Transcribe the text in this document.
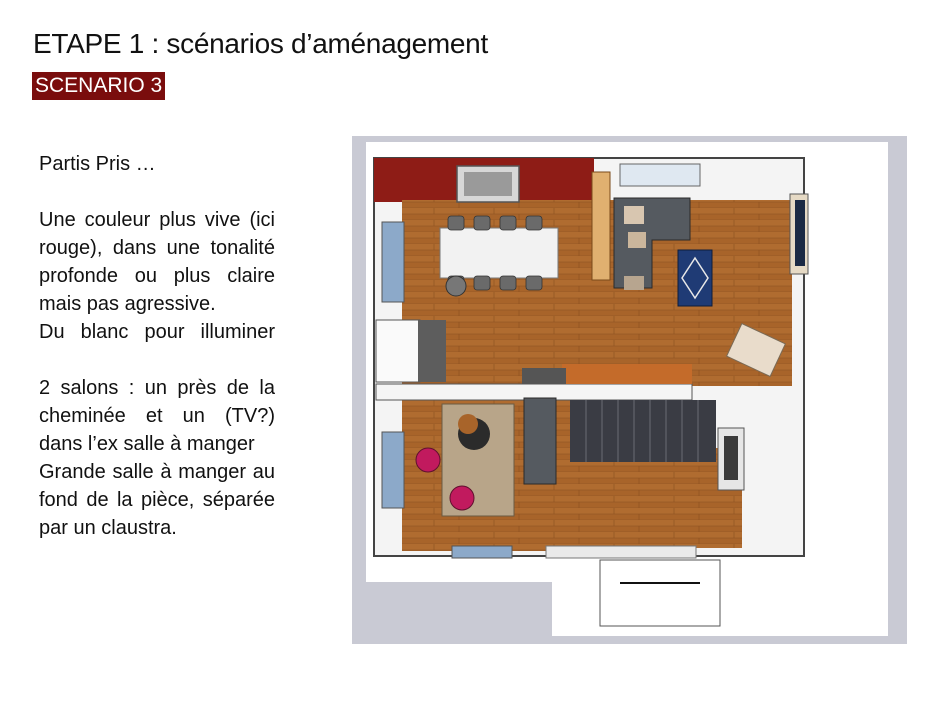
ETAPE 1 : scénarios d’aménagement
SCENARIO 3

Partis Pris …

Une couleur plus vive (ici rouge), dans une tonalité profonde ou plus claire mais pas agressive.

Du blanc pour illuminer

2 salons : un près de la cheminée et un (TV?) dans l’ex salle à manger

Grande salle à manger au fond de la pièce, séparée par un claustra.
